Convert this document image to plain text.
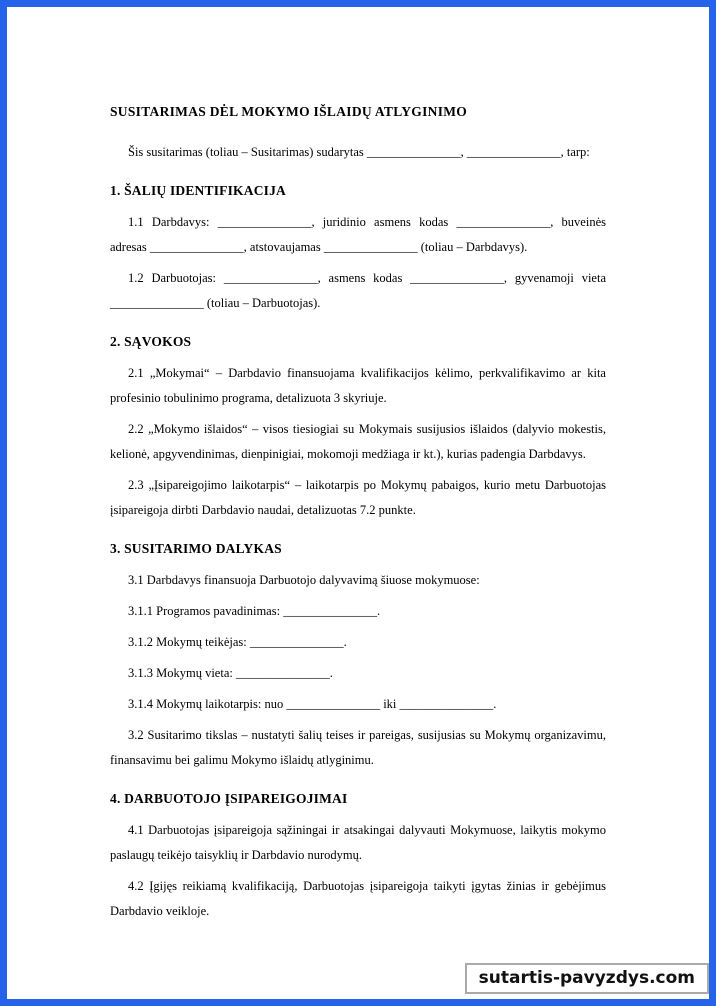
SUSITARIMAS DĖL MOKYMO IŠLAIDŲ ATLYGINIMO

Šis susitarimas (toliau – Susitarimas) sudarytas _______________, _______________, tarp:

1. ŠALIŲ IDENTIFIKACIJA

1.1 Darbdavys: _______________, juridinio asmens kodas _______________, buveinės adresas _______________, atstovaujamas _______________ (toliau – Darbdavys).

1.2 Darbuotojas: _______________, asmens kodas _______________, gyvenamoji vieta _______________ (toliau – Darbuotojas).

2. SĄVOKOS

2.1 „Mokymai“ – Darbdavio finansuojama kvalifikacijos kėlimo, perkvalifikavimo ar kita profesinio tobulinimo programa, detalizuota 3 skyriuje.

2.2 „Mokymo išlaidos“ – visos tiesiogiai su Mokymais susijusios išlaidos (dalyvio mokestis, kelionė, apgyvendinimas, dienpinigiai, mokomoji medžiaga ir kt.), kurias padengia Darbdavys.

2.3 „Įsipareigojimo laikotarpis“ – laikotarpis po Mokymų pabaigos, kurio metu Darbuotojas įsipareigoja dirbti Darbdavio naudai, detalizuotas 7.2 punkte.

3. SUSITARIMO DALYKAS

3.1 Darbdavys finansuoja Darbuotojo dalyvavimą šiuose mokymuose:

3.1.1 Programos pavadinimas: _______________.

3.1.2 Mokymų teikėjas: _______________.

3.1.3 Mokymų vieta: _______________.

3.1.4 Mokymų laikotarpis: nuo _______________ iki _______________.

3.2 Susitarimo tikslas – nustatyti šalių teises ir pareigas, susijusias su Mokymų organizavimu, finansavimu bei galimu Mokymo išlaidų atlyginimu.

4. DARBUOTOJO ĮSIPAREIGOJIMAI

4.1 Darbuotojas įsipareigoja sąžiningai ir atsakingai dalyvauti Mokymuose, laikytis mokymo paslaugų teikėjo taisyklių ir Darbdavio nurodymų.

4.2 Įgijęs reikiamą kvalifikaciją, Darbuotojas įsipareigoja taikyti įgytas žinias ir gebėjimus Darbdavio veikloje.

sutartis-pavyzdys.com
